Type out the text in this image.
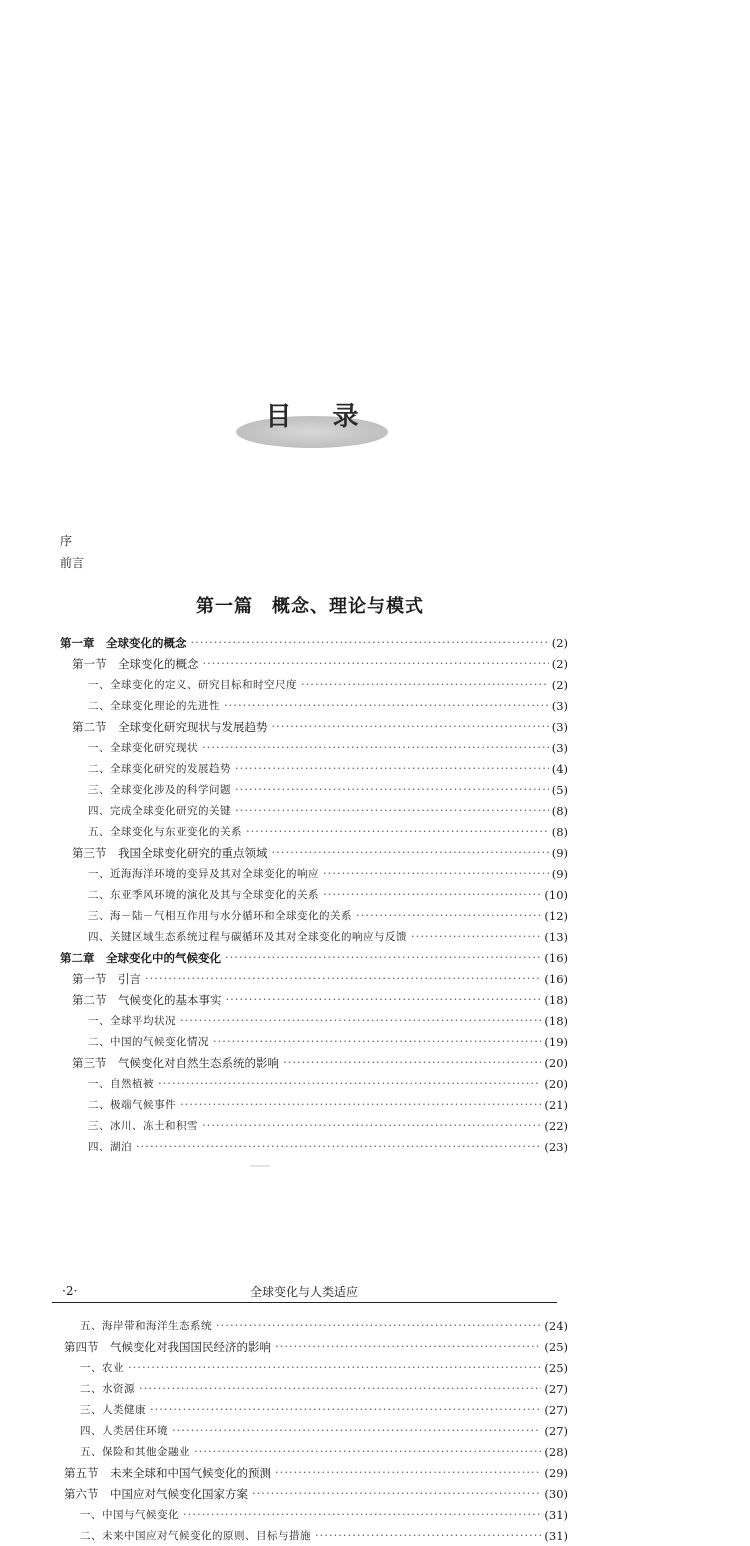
目 录
序
前言
第一篇　概念、理论与模式
第一章　全球变化的概念 ·····	(2)
第一节　全球变化的概念 ·····	(2)
一、全球变化的定义、研究目标和时空尺度 ·····	(2)
二、全球变化理论的先进性 ·····	(3)
第二节　全球变化研究现状与发展趋势 ·····	(3)
一、全球变化研究现状 ·····	(3)
二、全球变化研究的发展趋势 ·····	(4)
三、全球变化涉及的科学问题 ·····	(5)
四、完成全球变化研究的关键 ·····	(8)
五、全球变化与东亚变化的关系 ·····	(8)
第三节　我国全球变化研究的重点领域 ·····	(9)
一、近海海洋环境的变异及其对全球变化的响应 ·····	(9)
二、东亚季风环境的演化及其与全球变化的关系 ·····	(10)
三、海－陆－气相互作用与水分循环和全球变化的关系 ·····	(12)
四、关键区域生态系统过程与碳循环及其对全球变化的响应与反馈 ·····	(13)
第二章　全球变化中的气候变化 ·····	(16)
第一节　引言 ·····	(16)
第二节　气候变化的基本事实 ·····	(18)
一、全球平均状况 ·····	(18)
二、中国的气候变化情况 ·····	(19)
第三节　气候变化对自然生态系统的影响 ·····	(20)
一、自然植被 ·····	(20)
二、极端气候事件 ·····	(21)
三、冰川、冻土和积雪 ·····	(22)
四、湖泊 ·····	(23)
·2·	全球变化与人类适应
五、海岸带和海洋生态系统 ·····	(24)
第四节　气候变化对我国国民经济的影响 ·····	(25)
一、农业 ·····	(25)
二、水资源 ·····	(27)
三、人类健康 ·····	(27)
四、人类居住环境 ·····	(27)
五、保险和其他金融业 ·····	(28)
第五节　未来全球和中国气候变化的预测 ·····	(29)
第六节　中国应对气候变化国家方案 ·····	(30)
一、中国与气候变化 ·····	(31)
二、未来中国应对气候变化的原则、目标与措施 ·····	(31)
